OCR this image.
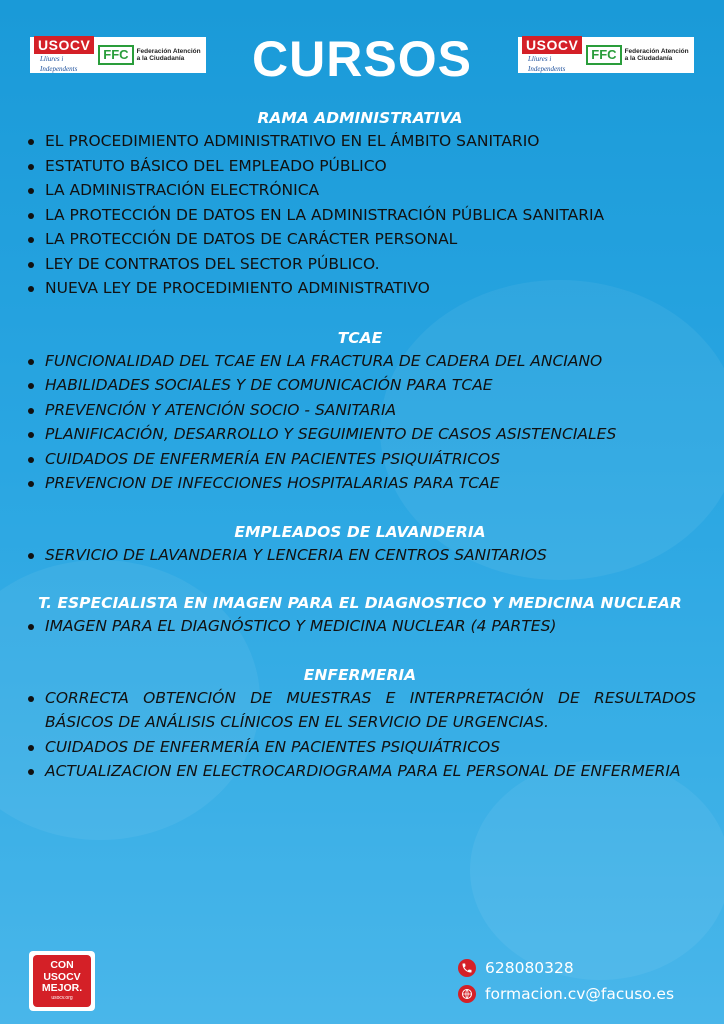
USOCV
Lliures i Independents
FFC	Federación Atención a la Ciudadanía	CURSOS	USOCV
Lliures i Independents
FFC	Federación Atención a la Ciudadanía
RAMA ADMINISTRATIVA
EL PROCEDIMIENTO ADMINISTRATIVO EN EL ÁMBITO SANITARIO
ESTATUTO BÁSICO DEL EMPLEADO PÚBLICO
LA ADMINISTRACIÓN ELECTRÓNICA
LA PROTECCIÓN DE DATOS EN LA ADMINISTRACIÓN PÚBLICA SANITARIA
LA PROTECCIÓN DE DATOS DE CARÁCTER PERSONAL
LEY DE CONTRATOS DEL SECTOR PÚBLICO.
NUEVA LEY DE PROCEDIMIENTO ADMINISTRATIVO
TCAE
FUNCIONALIDAD DEL TCAE EN LA FRACTURA DE CADERA DEL ANCIANO
HABILIDADES SOCIALES Y DE COMUNICACIÓN PARA TCAE
PREVENCIÓN Y ATENCIÓN SOCIO - SANITARIA
PLANIFICACIÓN, DESARROLLO Y SEGUIMIENTO DE CASOS ASISTENCIALES
CUIDADOS DE ENFERMERÍA EN PACIENTES PSIQUIÁTRICOS
PREVENCION DE INFECCIONES HOSPITALARIAS PARA TCAE
EMPLEADOS DE LAVANDERIA
SERVICIO DE LAVANDERIA Y LENCERIA EN CENTROS SANITARIOS
T. ESPECIALISTA EN IMAGEN PARA EL DIAGNOSTICO Y MEDICINA NUCLEAR
IMAGEN PARA EL DIAGNÓSTICO Y MEDICINA NUCLEAR (4 PARTES)
ENFERMERIA
CORRECTA OBTENCIÓN DE MUESTRAS E INTERPRETACIÓN DE RESULTADOS BÁSICOS DE ANÁLISIS CLÍNICOS EN EL SERVICIO DE URGENCIAS.
CUIDADOS DE ENFERMERÍA EN PACIENTES PSIQUIÁTRICOS
ACTUALIZACION EN ELECTROCARDIOGRAMA PARA EL PERSONAL DE ENFERMERIA
CON
USOCV
MEJOR.
usocv.org
628080328
formacion.cv@facuso.es
